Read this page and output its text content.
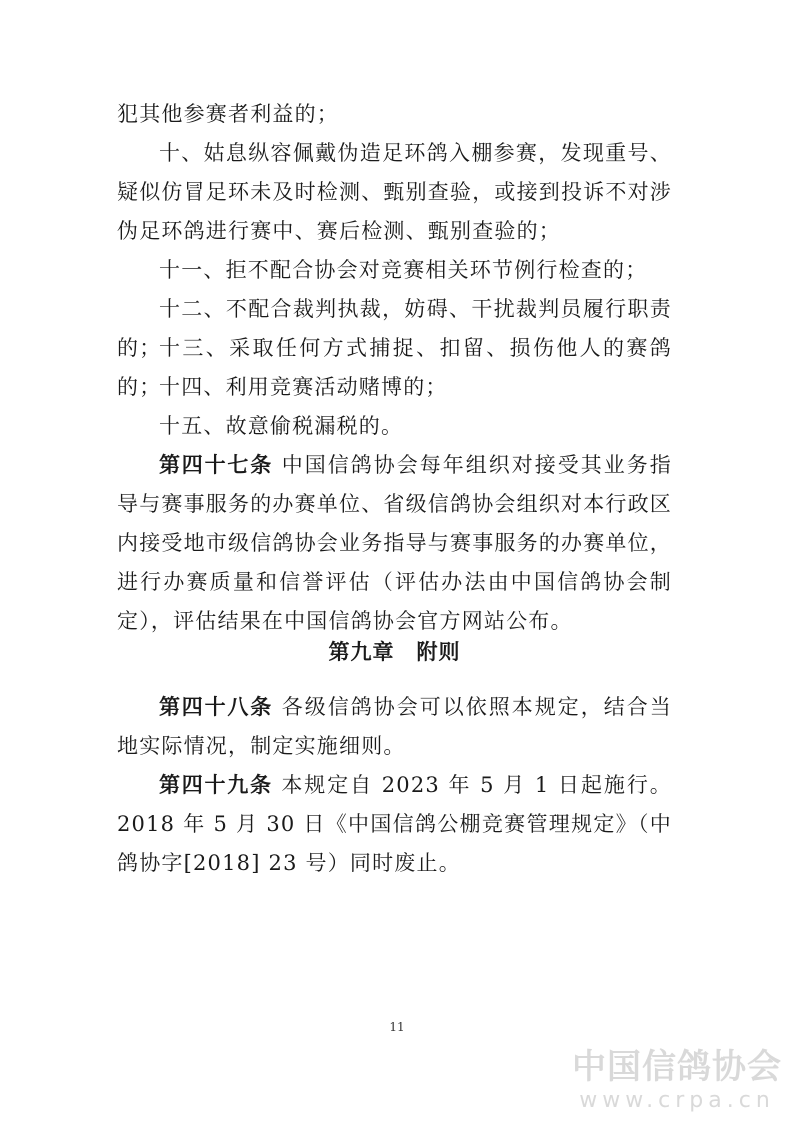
犯其他参赛者利益的；

十、姑息纵容佩戴伪造足环鸽入棚参赛，发现重号、疑似仿冒足环未及时检测、甄别查验，或接到投诉不对涉伪足环鸽进行赛中、赛后检测、甄别查验的；

十一、拒不配合协会对竞赛相关环节例行检查的；

十二、不配合裁判执裁，妨碍、干扰裁判员履行职责的；

十三、采取任何方式捕捉、扣留、损伤他人的赛鸽的；

十四、利用竞赛活动赌博的；

十五、故意偷税漏税的。

第四十七条 中国信鸽协会每年组织对接受其业务指导与赛事服务的办赛单位、省级信鸽协会组织对本行政区内接受地市级信鸽协会业务指导与赛事服务的办赛单位，进行办赛质量和信誉评估（评估办法由中国信鸽协会制定），评估结果在中国信鸽协会官方网站公布。

第九章　附则

第四十八条 各级信鸽协会可以依照本规定，结合当地实际情况，制定实施细则。

第四十九条 本规定自 2023 年 5 月 1 日起施行。2018 年 5 月 30 日《中国信鸽公棚竞赛管理规定》（中鸽协字[2018] 23 号）同时废止。

11
中国信鸽协会
www.crpa.cn
